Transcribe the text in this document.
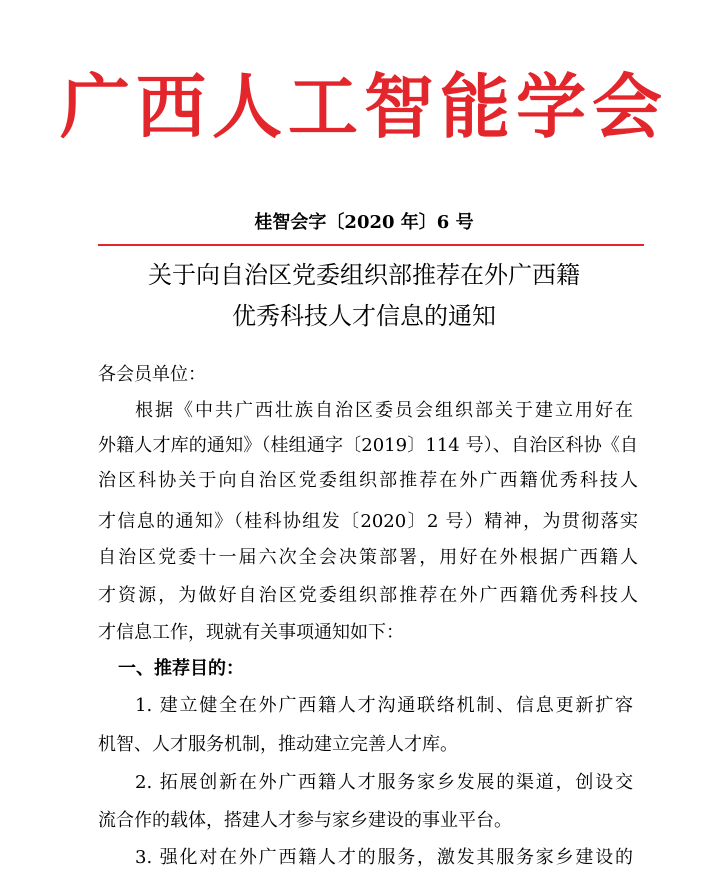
广西人工智能学会
桂智会字〔2020 年〕6 号
关于向自治区党委组织部推荐在外广西籍
优秀科技人才信息的通知
各会员单位：
根据《中共广西壮族自治区委员会组织部关于建立用好在
外籍人才库的通知》（桂组通字〔2019〕114 号）、自治区科协《自
治区科协关于向自治区党委组织部推荐在外广西籍优秀科技人
才信息的通知》（桂科协组发〔2020〕2 号）精神，为贯彻落实
自治区党委十一届六次全会决策部署，用好在外根据广西籍人
才资源，为做好自治区党委组织部推荐在外广西籍优秀科技人
才信息工作，现就有关事项通知如下：
一、推荐目的：
1. 建立健全在外广西籍人才沟通联络机制、信息更新扩容
机智、人才服务机制，推动建立完善人才库。
2. 拓展创新在外广西籍人才服务家乡发展的渠道，创设交
流合作的载体，搭建人才参与家乡建设的事业平台。
3. 强化对在外广西籍人才的服务，激发其服务家乡建设的
